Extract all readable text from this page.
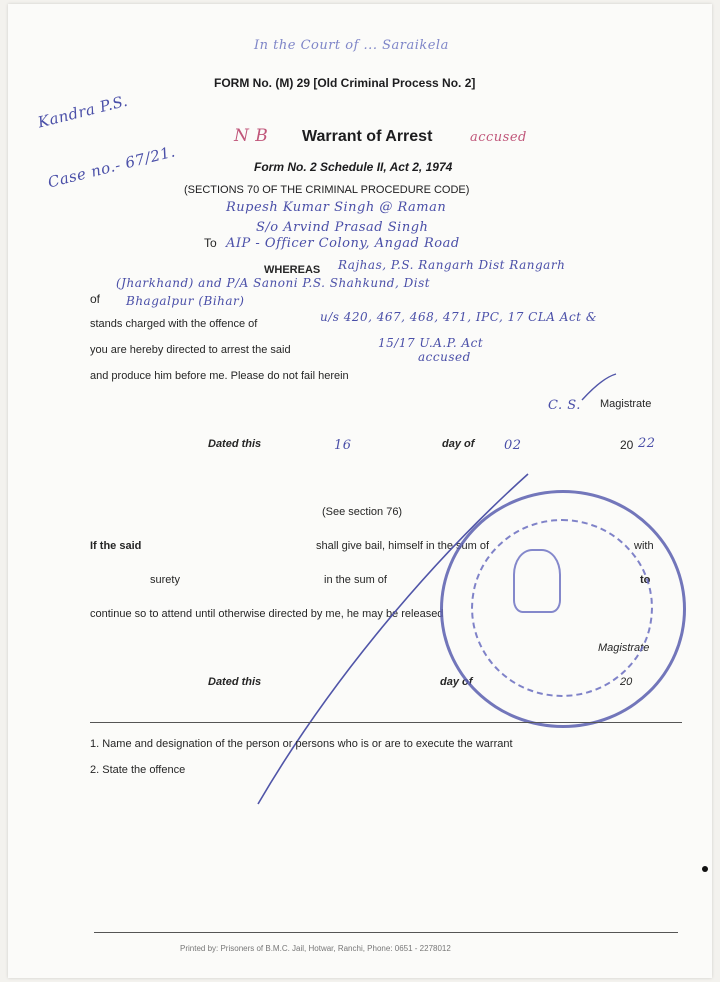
In the Court of ... Saraikela
FORM No. (M) 29 [Old Criminal Process No. 2]
Kandra P.S.
Case no.- 67/21.
N B Warrant of Arrest	accused
Form No. 2 Schedule II, Act 2, 1974
(SECTIONS 70 OF THE CRIMINAL PROCEDURE CODE)
Rupesh Kumar Singh @ Raman
S/o Arvind Prasad Singh
To AIP - Officer Colony, Angad Road
WHEREAS Rajhas, P.S. Rangarh Dist Rangarh
of
(Jharkhand) and P/A Sanoni P.S. Shahkund, Dist
Bhagalpur (Bihar)
stands charged with the offence of	u/s 420, 467, 468, 471, IPC, 17 CLA Act &
you are hereby directed to arrest the said	15/17 U.A.P. Act
accused
and produce him before me. Please do not fail herein
C. S. Magistrate
Dated this	16	day of 02	20 22
(See section 76)
If the said	shall give bail, himself in the sum of	with
surety	in the sum of	to
continue so to attend until otherwise directed by me, he may be released
Magistrate
Dated this	day of	20
1. Name and designation of the person or persons who is or are to execute the warrant
2. State the offence
Printed by: Prisoners of B.M.C. Jail, Hotwar, Ranchi, Phone: 0651 - 2278012
